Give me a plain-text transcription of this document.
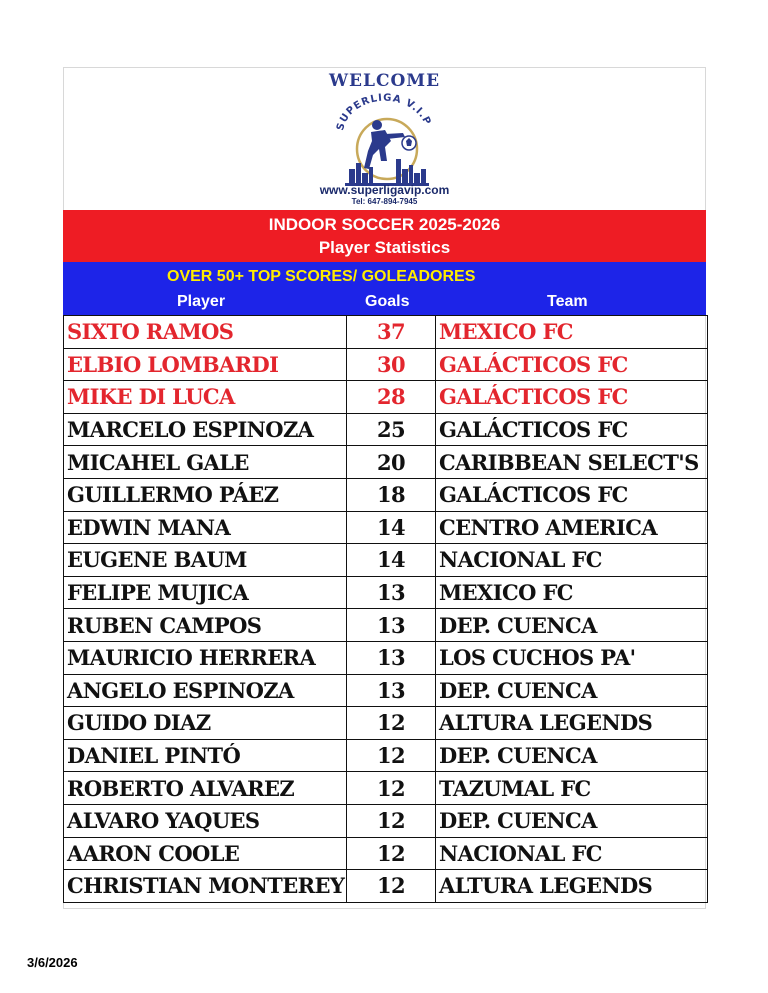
WELCOME
SUPERLIGA V.I.P
www.superligavip.com
Tel: 647-894-7945
INDOOR SOCCER 2025-2026
Player Statistics
OVER 50+ TOP SCORES/ GOLEADORES
Player	Goals	Team
SIXTO RAMOS	37	MEXICO FC
ELBIO LOMBARDI	30	GALÁCTICOS FC
MIKE DI LUCA	28	GALÁCTICOS FC
MARCELO ESPINOZA	25	GALÁCTICOS FC
MICAHEL GALE	20	CARIBBEAN SELECT'S
GUILLERMO PÁEZ	18	GALÁCTICOS FC
EDWIN MANA	14	CENTRO AMERICA
EUGENE BAUM	14	NACIONAL FC
FELIPE MUJICA	13	MEXICO FC
RUBEN CAMPOS	13	DEP. CUENCA
MAURICIO HERRERA	13	LOS CUCHOS PA'
ANGELO ESPINOZA	13	DEP. CUENCA
GUIDO DIAZ	12	ALTURA LEGENDS
DANIEL PINTÓ	12	DEP. CUENCA
ROBERTO ALVAREZ	12	TAZUMAL FC
ALVARO YAQUES	12	DEP. CUENCA
AARON COOLE	12	NACIONAL FC
CHRISTIAN MONTEREY	12	ALTURA LEGENDS
3/6/2026
